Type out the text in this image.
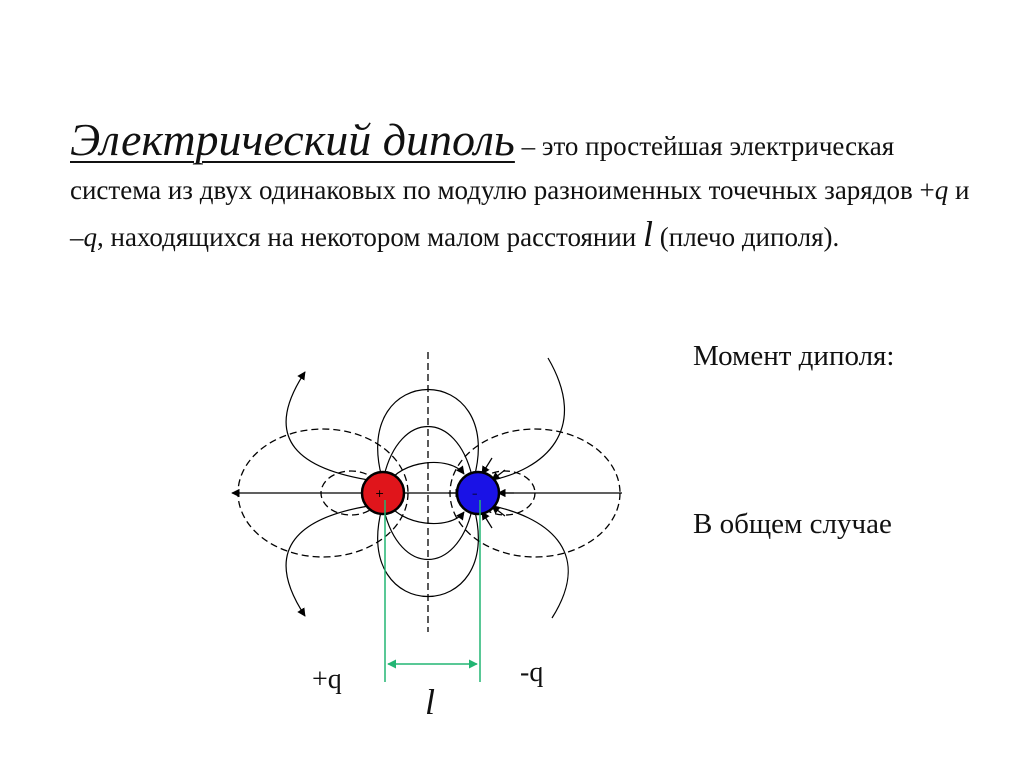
Электрический диполь – это простейшая электрическая система из двух одинаковых по модулю разноименных точечных зарядов +q и –q, находящихся на некотором малом расстоянии l (плечо диполя).
Момент диполя:
В общем случае
+	–
+q	-q
l
